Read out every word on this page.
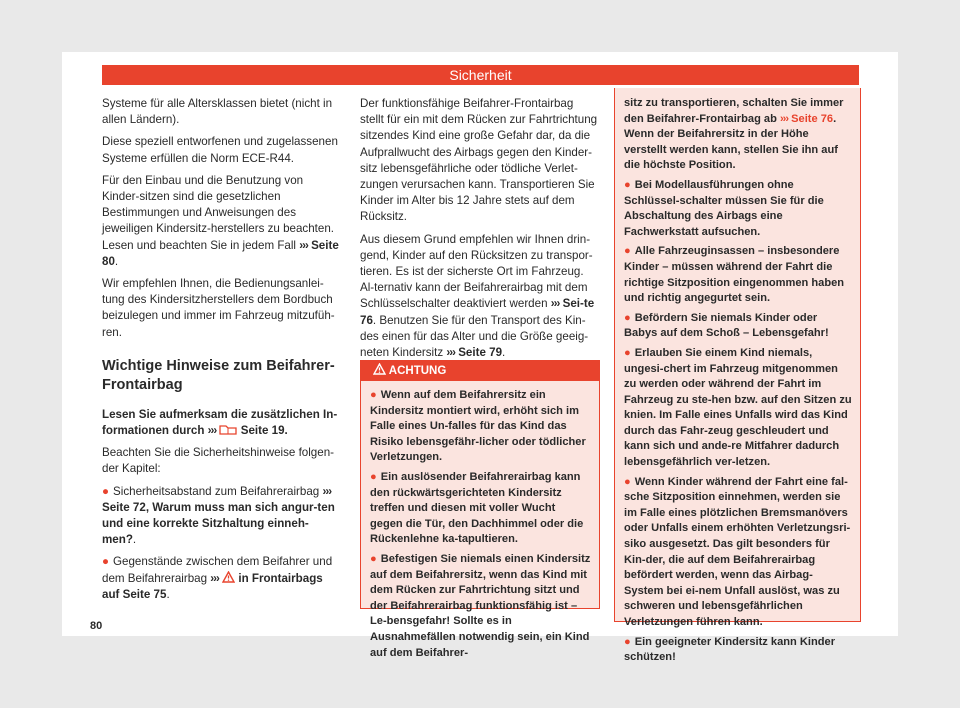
Sicherheit

Systeme für alle Altersklassen bietet (nicht in allen Ländern).

Diese speziell entworfenen und zugelassenen Systeme erfüllen die Norm ECE-R44.

Für den Einbau und die Benutzung von Kinder-sitzen sind die gesetzlichen Bestimmungen und Anweisungen des jeweiligen Kindersitz-herstellers zu beachten. Lesen und beachten Sie in jedem Fall ››› Seite 80.

Wir empfehlen Ihnen, die Bedienungsanlei-tung des Kindersitzherstellers dem Bordbuch beizulegen und immer im Fahrzeug mitzufüh-ren.

Wichtige Hinweise zum Beifahrer-Frontairbag

Lesen Sie aufmerksam die zusätzlichen In-formationen durch ››› Seite 19.

Beachten Sie die Sicherheitshinweise folgen-der Kapitel:

● Sicherheitsabstand zum Beifahrerairbag ››› Seite 72, Warum muss man sich angur-ten und eine korrekte Sitzhaltung einneh-men?.

● Gegenstände zwischen dem Beifahrer und dem Beifahrerairbag ››› in Frontairbags auf Seite 75.

Der funktionsfähige Beifahrer-Frontairbag stellt für ein mit dem Rücken zur Fahrtrichtung sitzendes Kind eine große Gefahr dar, da die Aufprallwucht des Airbags gegen den Kinder-sitz lebensgefährliche oder tödliche Verlet-zungen verursachen kann. Transportieren Sie Kinder im Alter bis 12 Jahre stets auf dem Rücksitz.

Aus diesem Grund empfehlen wir Ihnen drin-gend, Kinder auf den Rücksitzen zu transpor-tieren. Es ist der sicherste Ort im Fahrzeug. Al-ternativ kann der Beifahrerairbag mit dem Schlüsselschalter deaktiviert werden ››› Sei-te 76. Benutzen Sie für den Transport des Kin-des einen für das Alter und die Größe geeig-neten Kindersitz ››› Seite 79.

ACHTUNG

● Wenn auf dem Beifahrersitz ein Kindersitz montiert wird, erhöht sich im Falle eines Un-falles für das Kind das Risiko lebensgefähr-licher oder tödlicher Verletzungen.

● Ein auslösender Beifahrerairbag kann den rückwärtsgerichteten Kindersitz treffen und diesen mit voller Wucht gegen die Tür, den Dachhimmel oder die Rückenlehne ka-tapultieren.

● Befestigen Sie niemals einen Kindersitz auf dem Beifahrersitz, wenn das Kind mit dem Rücken zur Fahrtrichtung sitzt und der Beifahrerairbag funktionsfähig ist – Le-bensgefahr! Sollte es in Ausnahmefällen notwendig sein, ein Kind auf dem Beifahrer-

sitz zu transportieren, schalten Sie immer den Beifahrer-Frontairbag ab ››› Seite 76. Wenn der Beifahrersitz in der Höhe verstellt werden kann, stellen Sie ihn auf die höchste Position.

● Bei Modellausführungen ohne Schlüssel-schalter müssen Sie für die Abschaltung des Airbags eine Fachwerkstatt aufsuchen.

● Alle Fahrzeuginsassen – insbesondere Kinder – müssen während der Fahrt die richtige Sitzposition eingenommen haben und richtig angegurtet sein.

● Befördern Sie niemals Kinder oder Babys auf dem Schoß – Lebensgefahr!

● Erlauben Sie einem Kind niemals, ungesi-chert im Fahrzeug mitgenommen zu werden oder während der Fahrt im Fahrzeug zu ste-hen bzw. auf den Sitzen zu knien. Im Falle eines Unfalls wird das Kind durch das Fahr-zeug geschleudert und kann sich und ande-re Mitfahrer dadurch lebensgefährlich ver-letzen.

● Wenn Kinder während der Fahrt eine fal-sche Sitzposition einnehmen, werden sie im Falle eines plötzlichen Bremsmanövers oder Unfalls einem erhöhten Verletzungsri-siko ausgesetzt. Das gilt besonders für Kin-der, die auf dem Beifahrerairbag befördert werden, wenn das Airbag-System bei ei-nem Unfall auslöst, was zu schweren und lebensgefährlichen Verletzungen führen kann.

● Ein geeigneter Kindersitz kann Kinder schützen!

80
